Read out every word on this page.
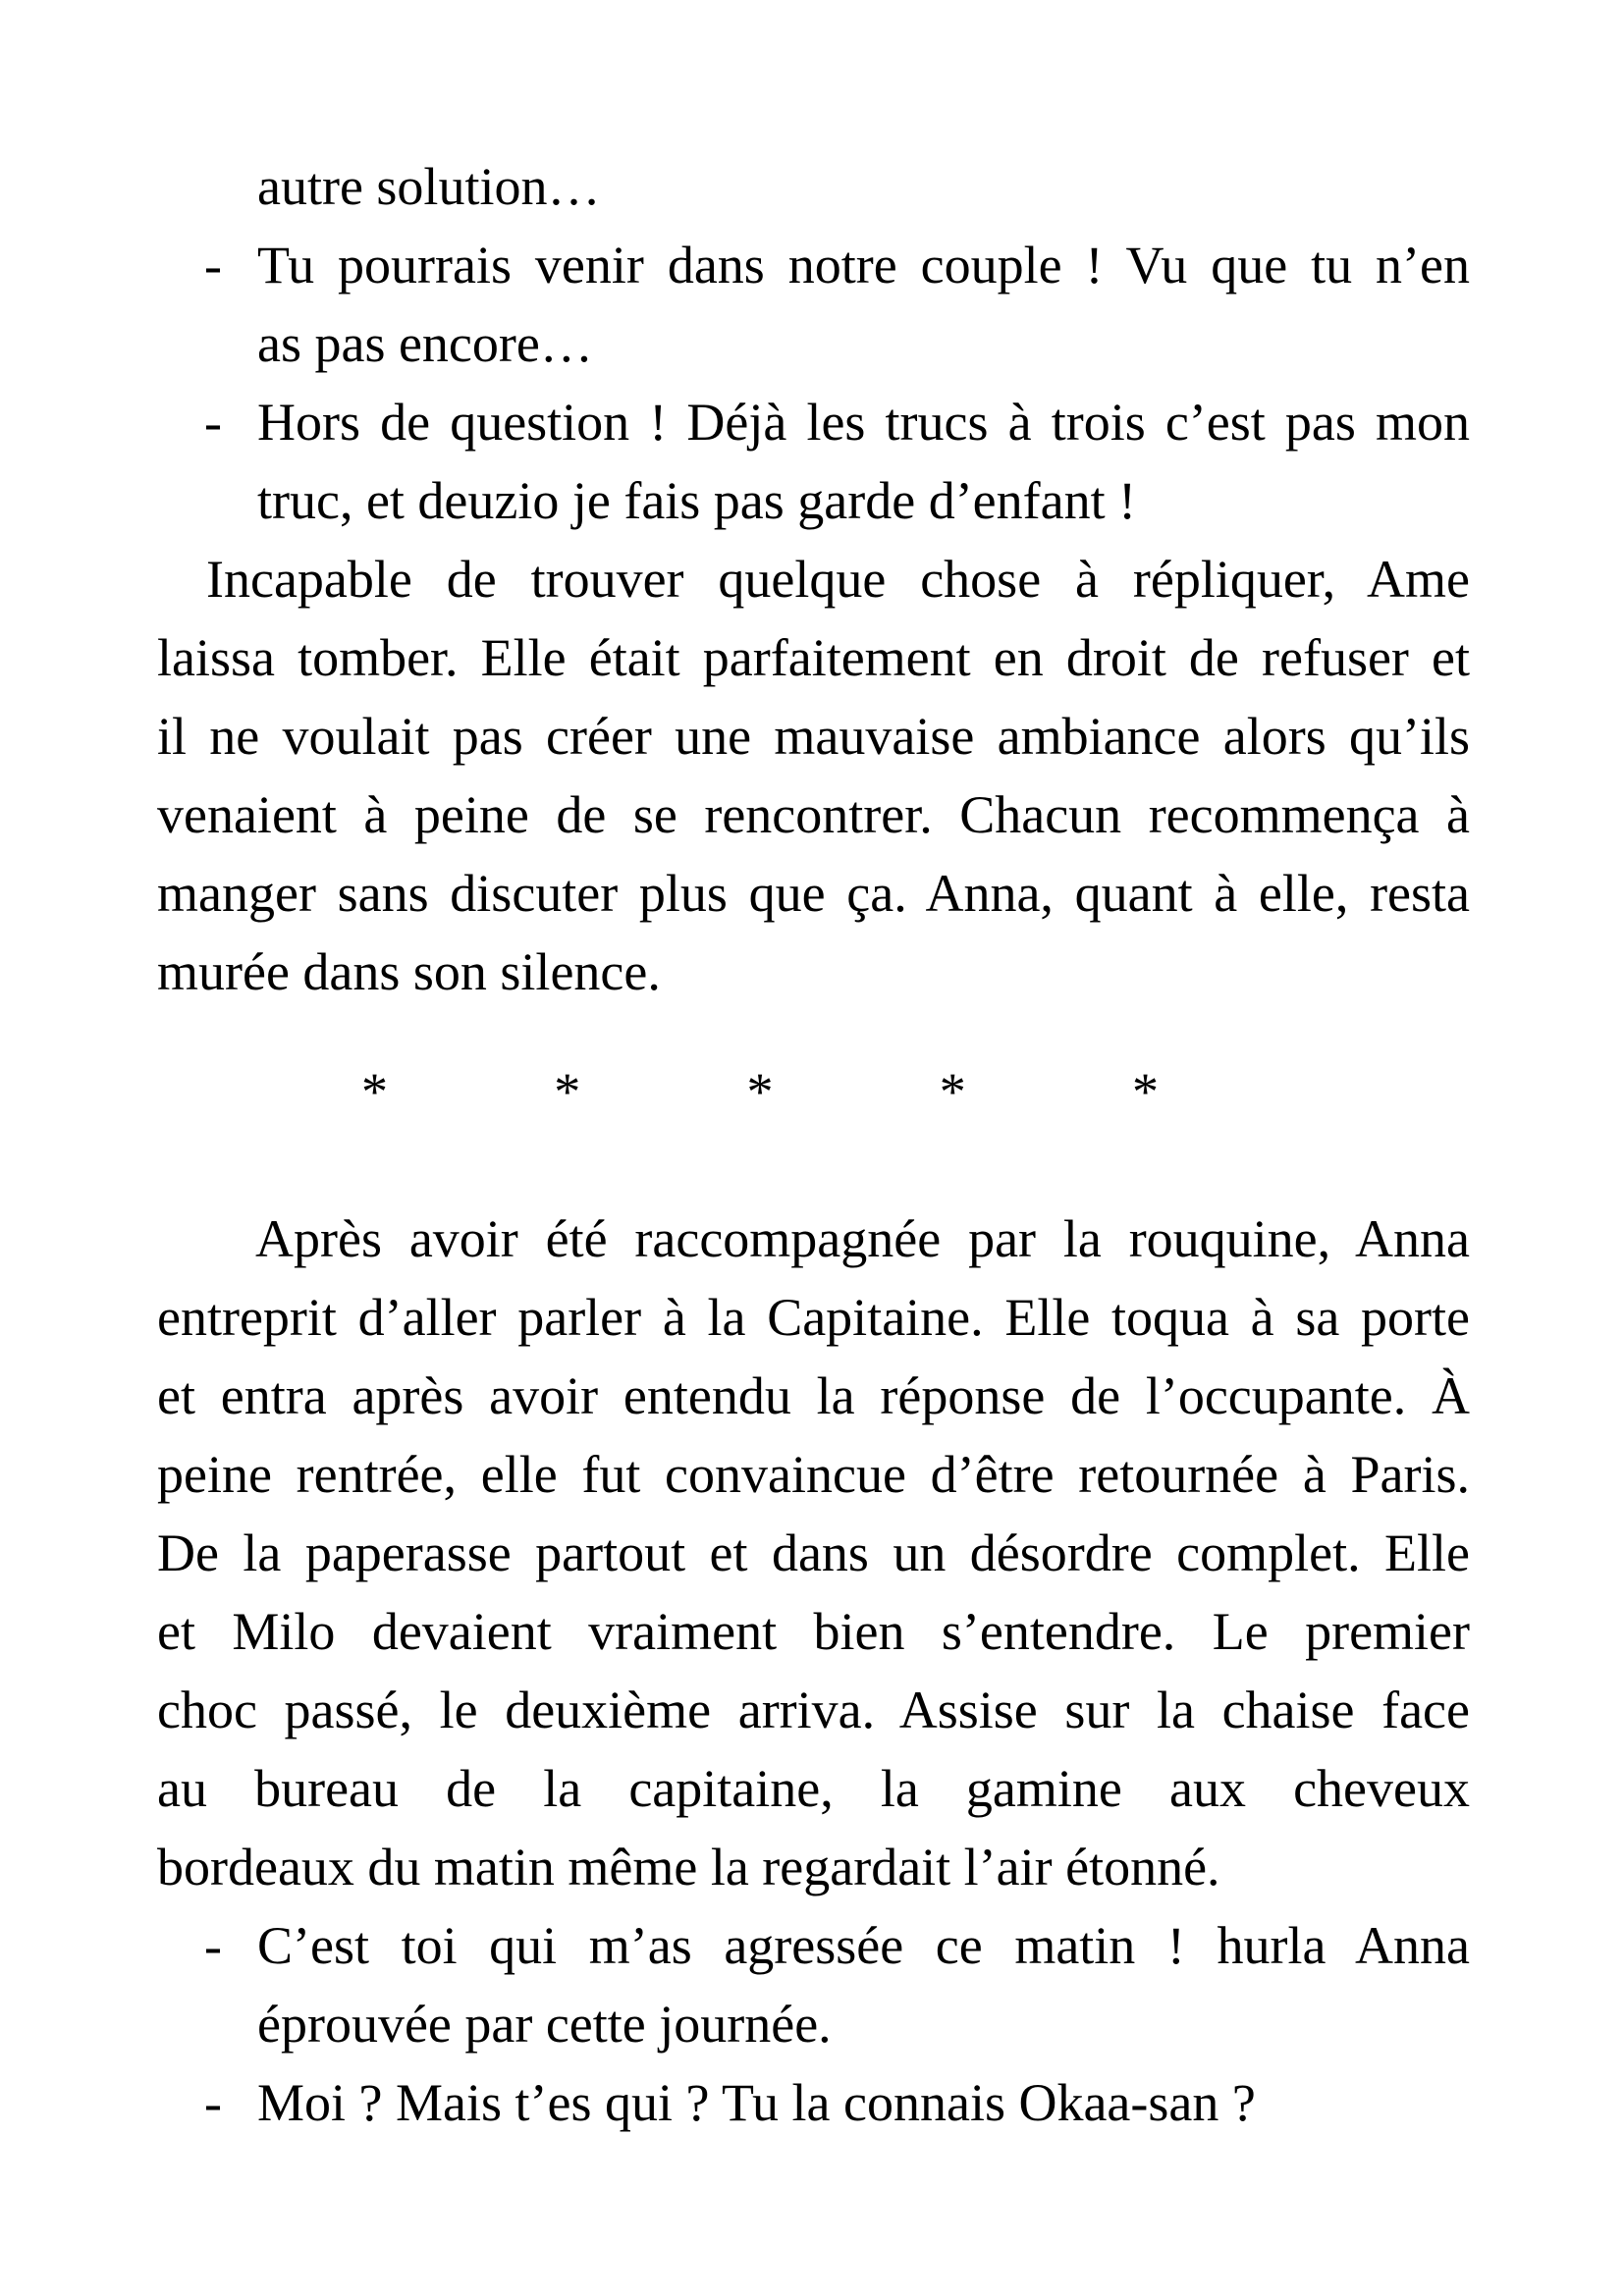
autre solution…
- Tu pourrais venir dans notre couple ! Vu que tu n’en
as pas encore…
- Hors de question ! Déjà les trucs à trois c’est pas mon
truc, et deuzio je fais pas garde d’enfant !
Incapable de trouver quelque chose à répliquer, Ame
laissa tomber. Elle était parfaitement en droit de refuser et
il ne voulait pas créer une mauvaise ambiance alors qu’ils
venaient à peine de se rencontrer. Chacun recommença à
manger sans discuter plus que ça. Anna, quant à elle, resta
murée dans son silence.
*	*	*	*	*
Après avoir été raccompagnée par la rouquine, Anna
entreprit d’aller parler à la Capitaine. Elle toqua à sa porte
et entra après avoir entendu la réponse de l’occupante. À
peine rentrée, elle fut convaincue d’être retournée à Paris.
De la paperasse partout et dans un désordre complet. Elle
et Milo devaient vraiment bien s’entendre. Le premier
choc passé, le deuxième arriva. Assise sur la chaise face
au bureau de la capitaine, la gamine aux cheveux
bordeaux du matin même la regardait l’air étonné.
- C’est toi qui m’as agressée ce matin ! hurla Anna
éprouvée par cette journée.
- Moi ? Mais t’es qui ? Tu la connais Okaa-san ?
